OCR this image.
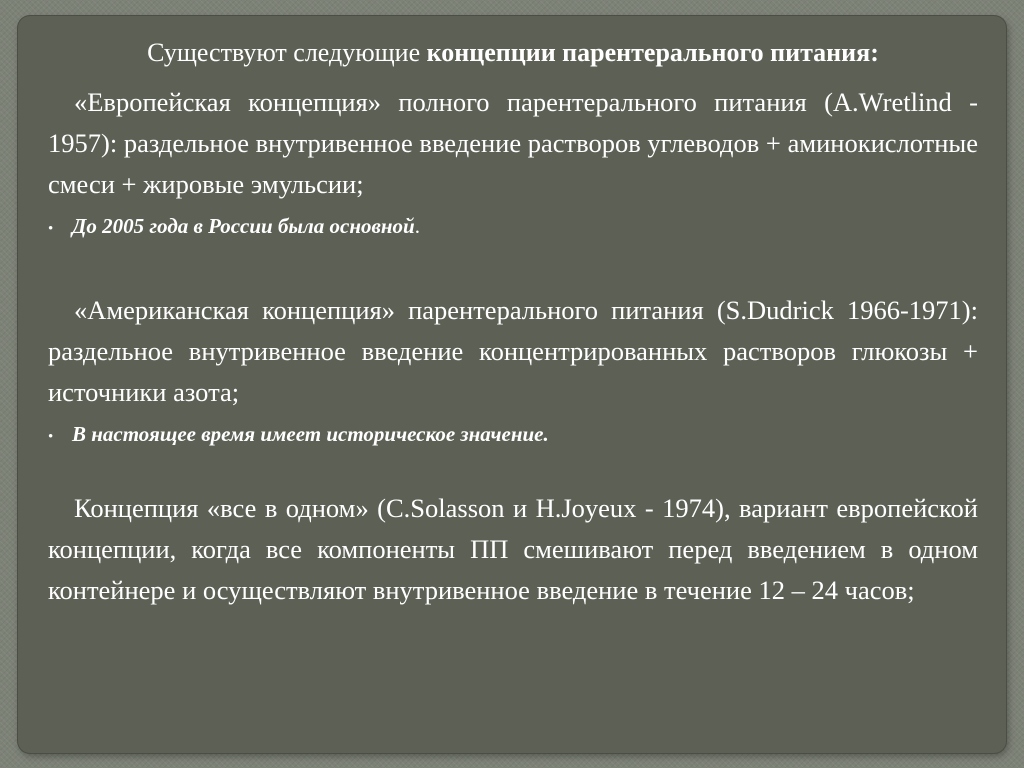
Существуют следующие концепции парентерального питания:

«Европейская концепция» полного парентерального питания (A.Wretlind - 1957): раздельное внутривенное введение растворов углеводов + аминокислотные смеси + жировые эмульсии;

• До 2005 года в России была основной.

«Американская концепция» парентерального питания (S.Dudrick 1966-1971): раздельное внутривенное введение концентрированных растворов глюкозы + источники азота;

• В настоящее время имеет историческое значение.

Концепция «все в одном» (C.Solasson и H.Joyeux - 1974), вариант европейской концепции, когда все компоненты ПП смешивают перед введением в одном контейнере и осуществляют внутривенное введение в течение 12 – 24 часов;
